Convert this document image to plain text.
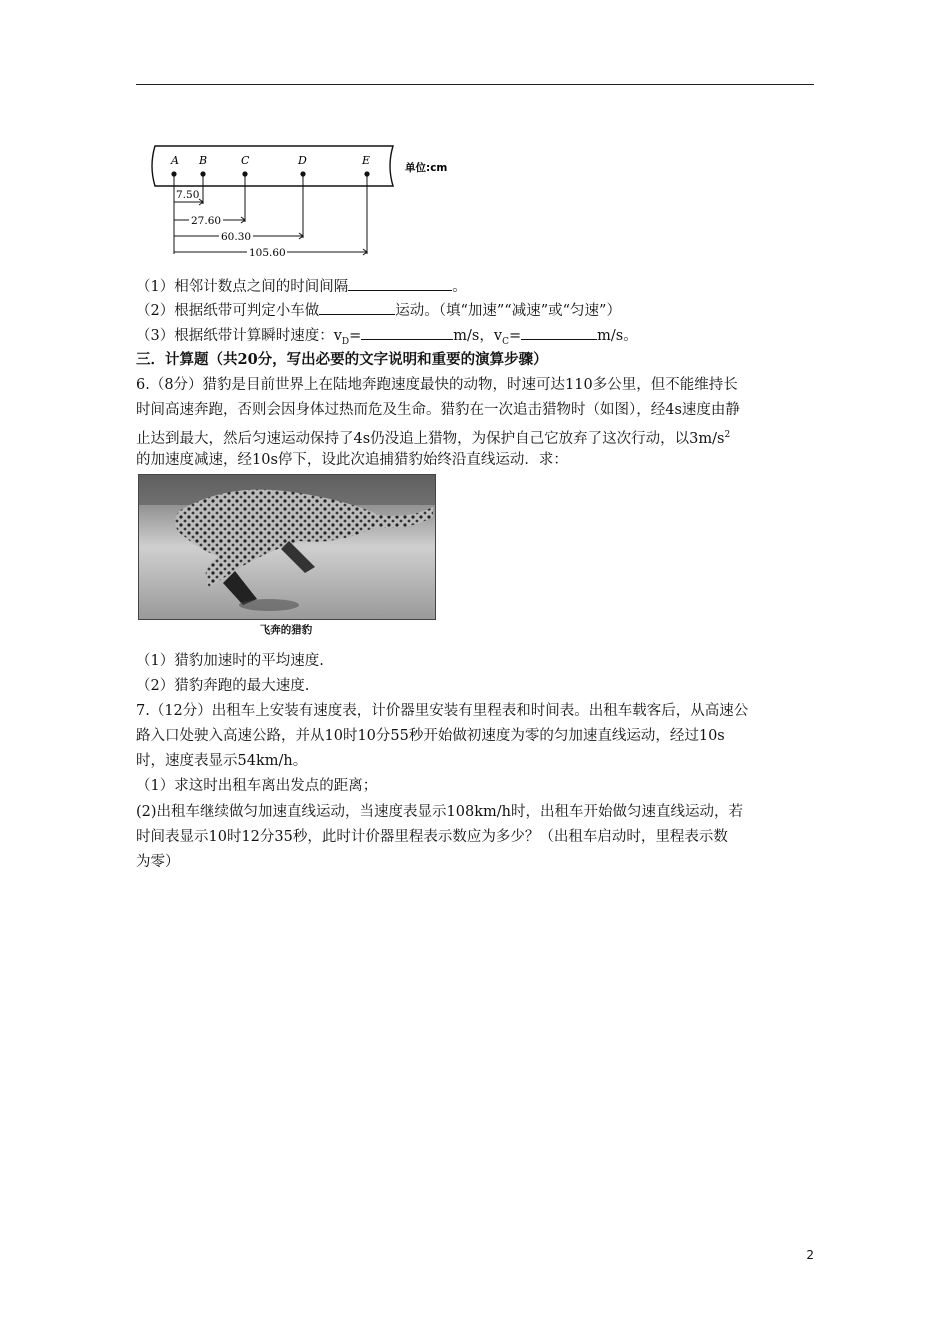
A B	C	D	E
单位:cm
7.50
27.60
60.30
105.60
（1）相邻计数点之间的时间间隔	。
（2）根据纸带可判定小车做	运动。（填“加速”“减速”或“匀速”）
（3）根据纸带计算瞬时速度：$v_D=$	m/s，$v_C=$	m/s。
三．计算题（共20分，写出必要的文字说明和重要的演算步骤）
6.（8分）猎豹是目前世界上在陆地奔跑速度最快的动物，时速可达110多公里，但不能维持长
时间高速奔跑，否则会因身体过热而危及生命。猎豹在一次追击猎物时（如图），经4s速度由静
止达到最大，然后匀速运动保持了4s仍没追上猎物，为保护自己它放弃了这次行动，以$3m/s^2$
的加速度减速，经10s停下，设此次追捕猎豹始终沿直线运动．求：
飞奔的猎豹
（1）猎豹加速时的平均速度.
（2）猎豹奔跑的最大速度.
7.（12分）出租车上安装有速度表，计价器里安装有里程表和时间表。出租车载客后，从高速公
路入口处驶入高速公路，并从10时10分55秒开始做初速度为零的匀加速直线运动，经过10s
时，速度表显示54km/h。
（1）求这时出租车离出发点的距离；
(2)出租车继续做匀加速直线运动，当速度表显示108km/h时，出租车开始做匀速直线运动，若
时间表显示10时12分35秒，此时计价器里程表示数应为多少？（出租车启动时，里程表示数
为零）
2
